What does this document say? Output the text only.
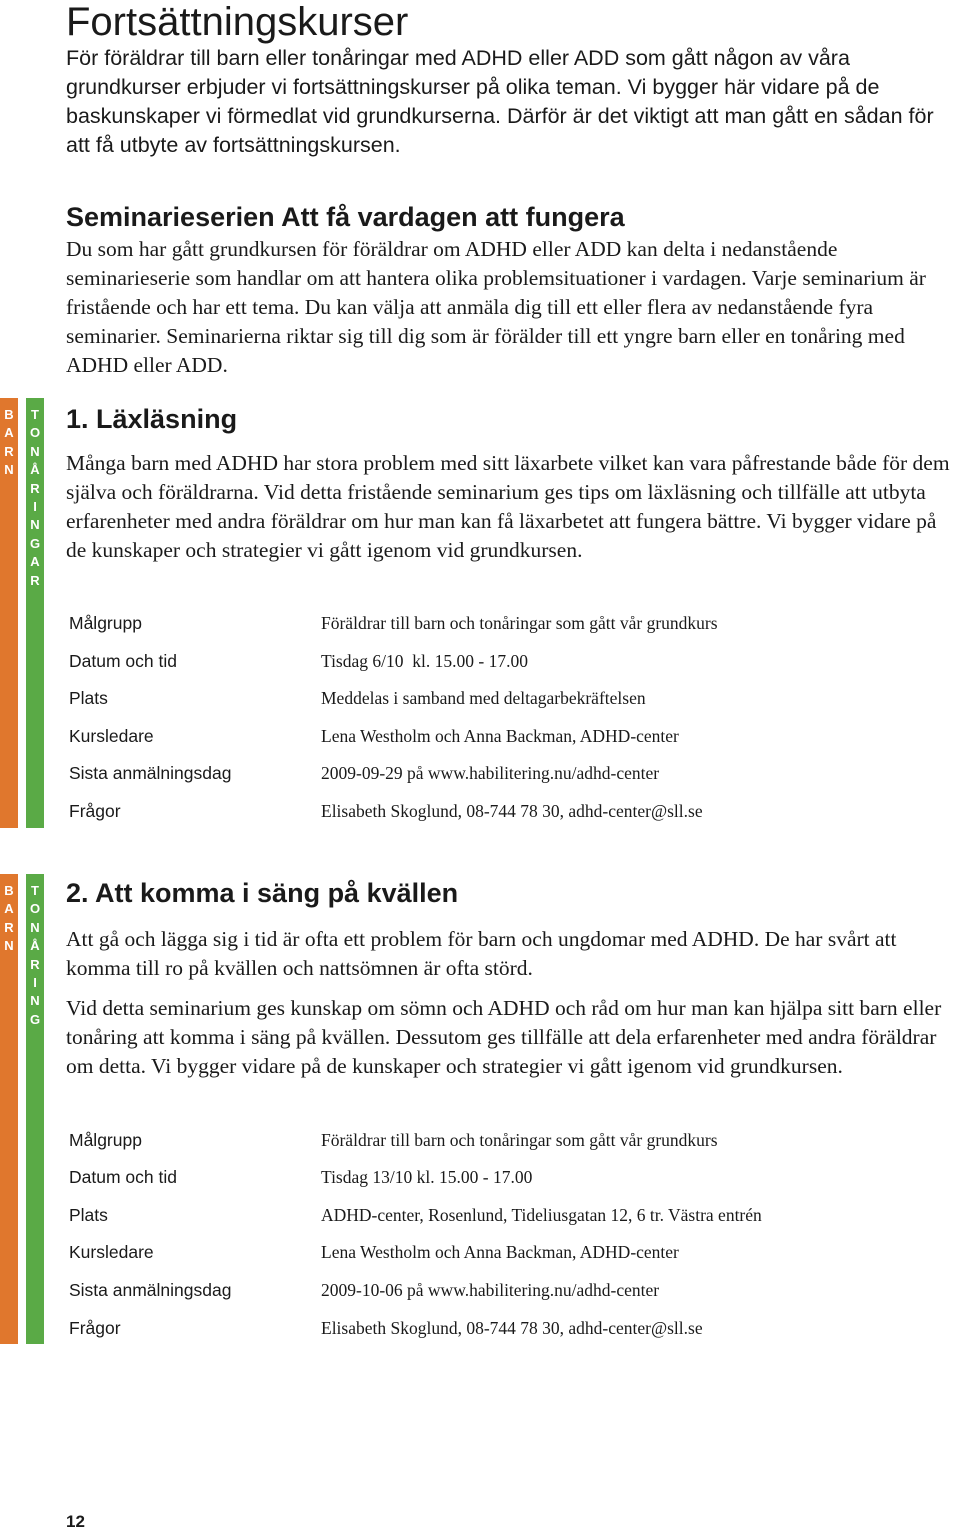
Fortsättningskurser

För föräldrar till barn eller tonåringar med ADHD eller ADD som gått någon av våra grundkurser erbjuder vi fortsättningskurser på olika teman. Vi bygger här vidare på de baskunskaper vi förmedlat vid grundkurserna. Därför är det viktigt att man gått en sådan för att få utbyte av fortsättningskursen.

Seminarieserien Att få vardagen att fungera

Du som har gått grundkursen för föräldrar om ADHD eller ADD kan delta i nedanstående seminarieserie som handlar om att hantera olika problemsituationer i vardagen. Varje seminarium är fristående och har ett tema. Du kan välja att anmäla dig till ett eller flera av nedanstående fyra seminarier. Seminarierna riktar sig till dig som är förälder till ett yngre barn eller en tonåring med ADHD eller ADD.

B
A
R
N
T
O
N
Å
R
I
N
G
A
R
1. Läxläsning

Många barn med ADHD har stora problem med sitt läxarbete vilket kan vara påfrestande både för dem själva och föräldrarna. Vid detta fristående seminarium ges tips om läxläsning och tillfälle att utbyta erfarenheter med andra föräldrar om hur man kan få läxarbetet att fungera bättre. Vi bygger vidare på de kunskaper och strategier vi gått igenom vid grundkursen.

Målgrupp	Föräldrar till barn och tonåringar som gått vår grundkurs
Datum och tid	Tisdag 6/10  kl. 15.00 - 17.00
Plats	Meddelas i samband med deltagarbekräftelsen
Kursledare	Lena Westholm och Anna Backman, ADHD-center
Sista anmälningsdag	2009-09-29 på www.habilitering.nu/adhd-center
Frågor	Elisabeth Skoglund, 08-744 78 30, adhd-center@sll.se
B
A
R
N
T
O
N
Å
R
I
N
G
2. Att komma i säng på kvällen

Att gå och lägga sig i tid är ofta ett problem för barn och ungdomar med ADHD. De har svårt att komma till ro på kvällen och nattsömnen är ofta störd.

Vid detta seminarium ges kunskap om sömn och ADHD och råd om hur man kan hjälpa sitt barn eller tonåring att komma i säng på kvällen. Dessutom ges tillfälle att dela erfarenheter med andra föräldrar om detta. Vi bygger vidare på de kunskaper och strategier vi gått igenom vid grundkursen.

Målgrupp	Föräldrar till barn och tonåringar som gått vår grundkurs
Datum och tid	Tisdag 13/10 kl. 15.00 - 17.00
Plats	ADHD-center, Rosenlund, Tideliusgatan 12, 6 tr. Västra entrén
Kursledare	Lena Westholm och Anna Backman, ADHD-center
Sista anmälningsdag	2009-10-06 på www.habilitering.nu/adhd-center
Frågor	Elisabeth Skoglund, 08-744 78 30, adhd-center@sll.se
12
